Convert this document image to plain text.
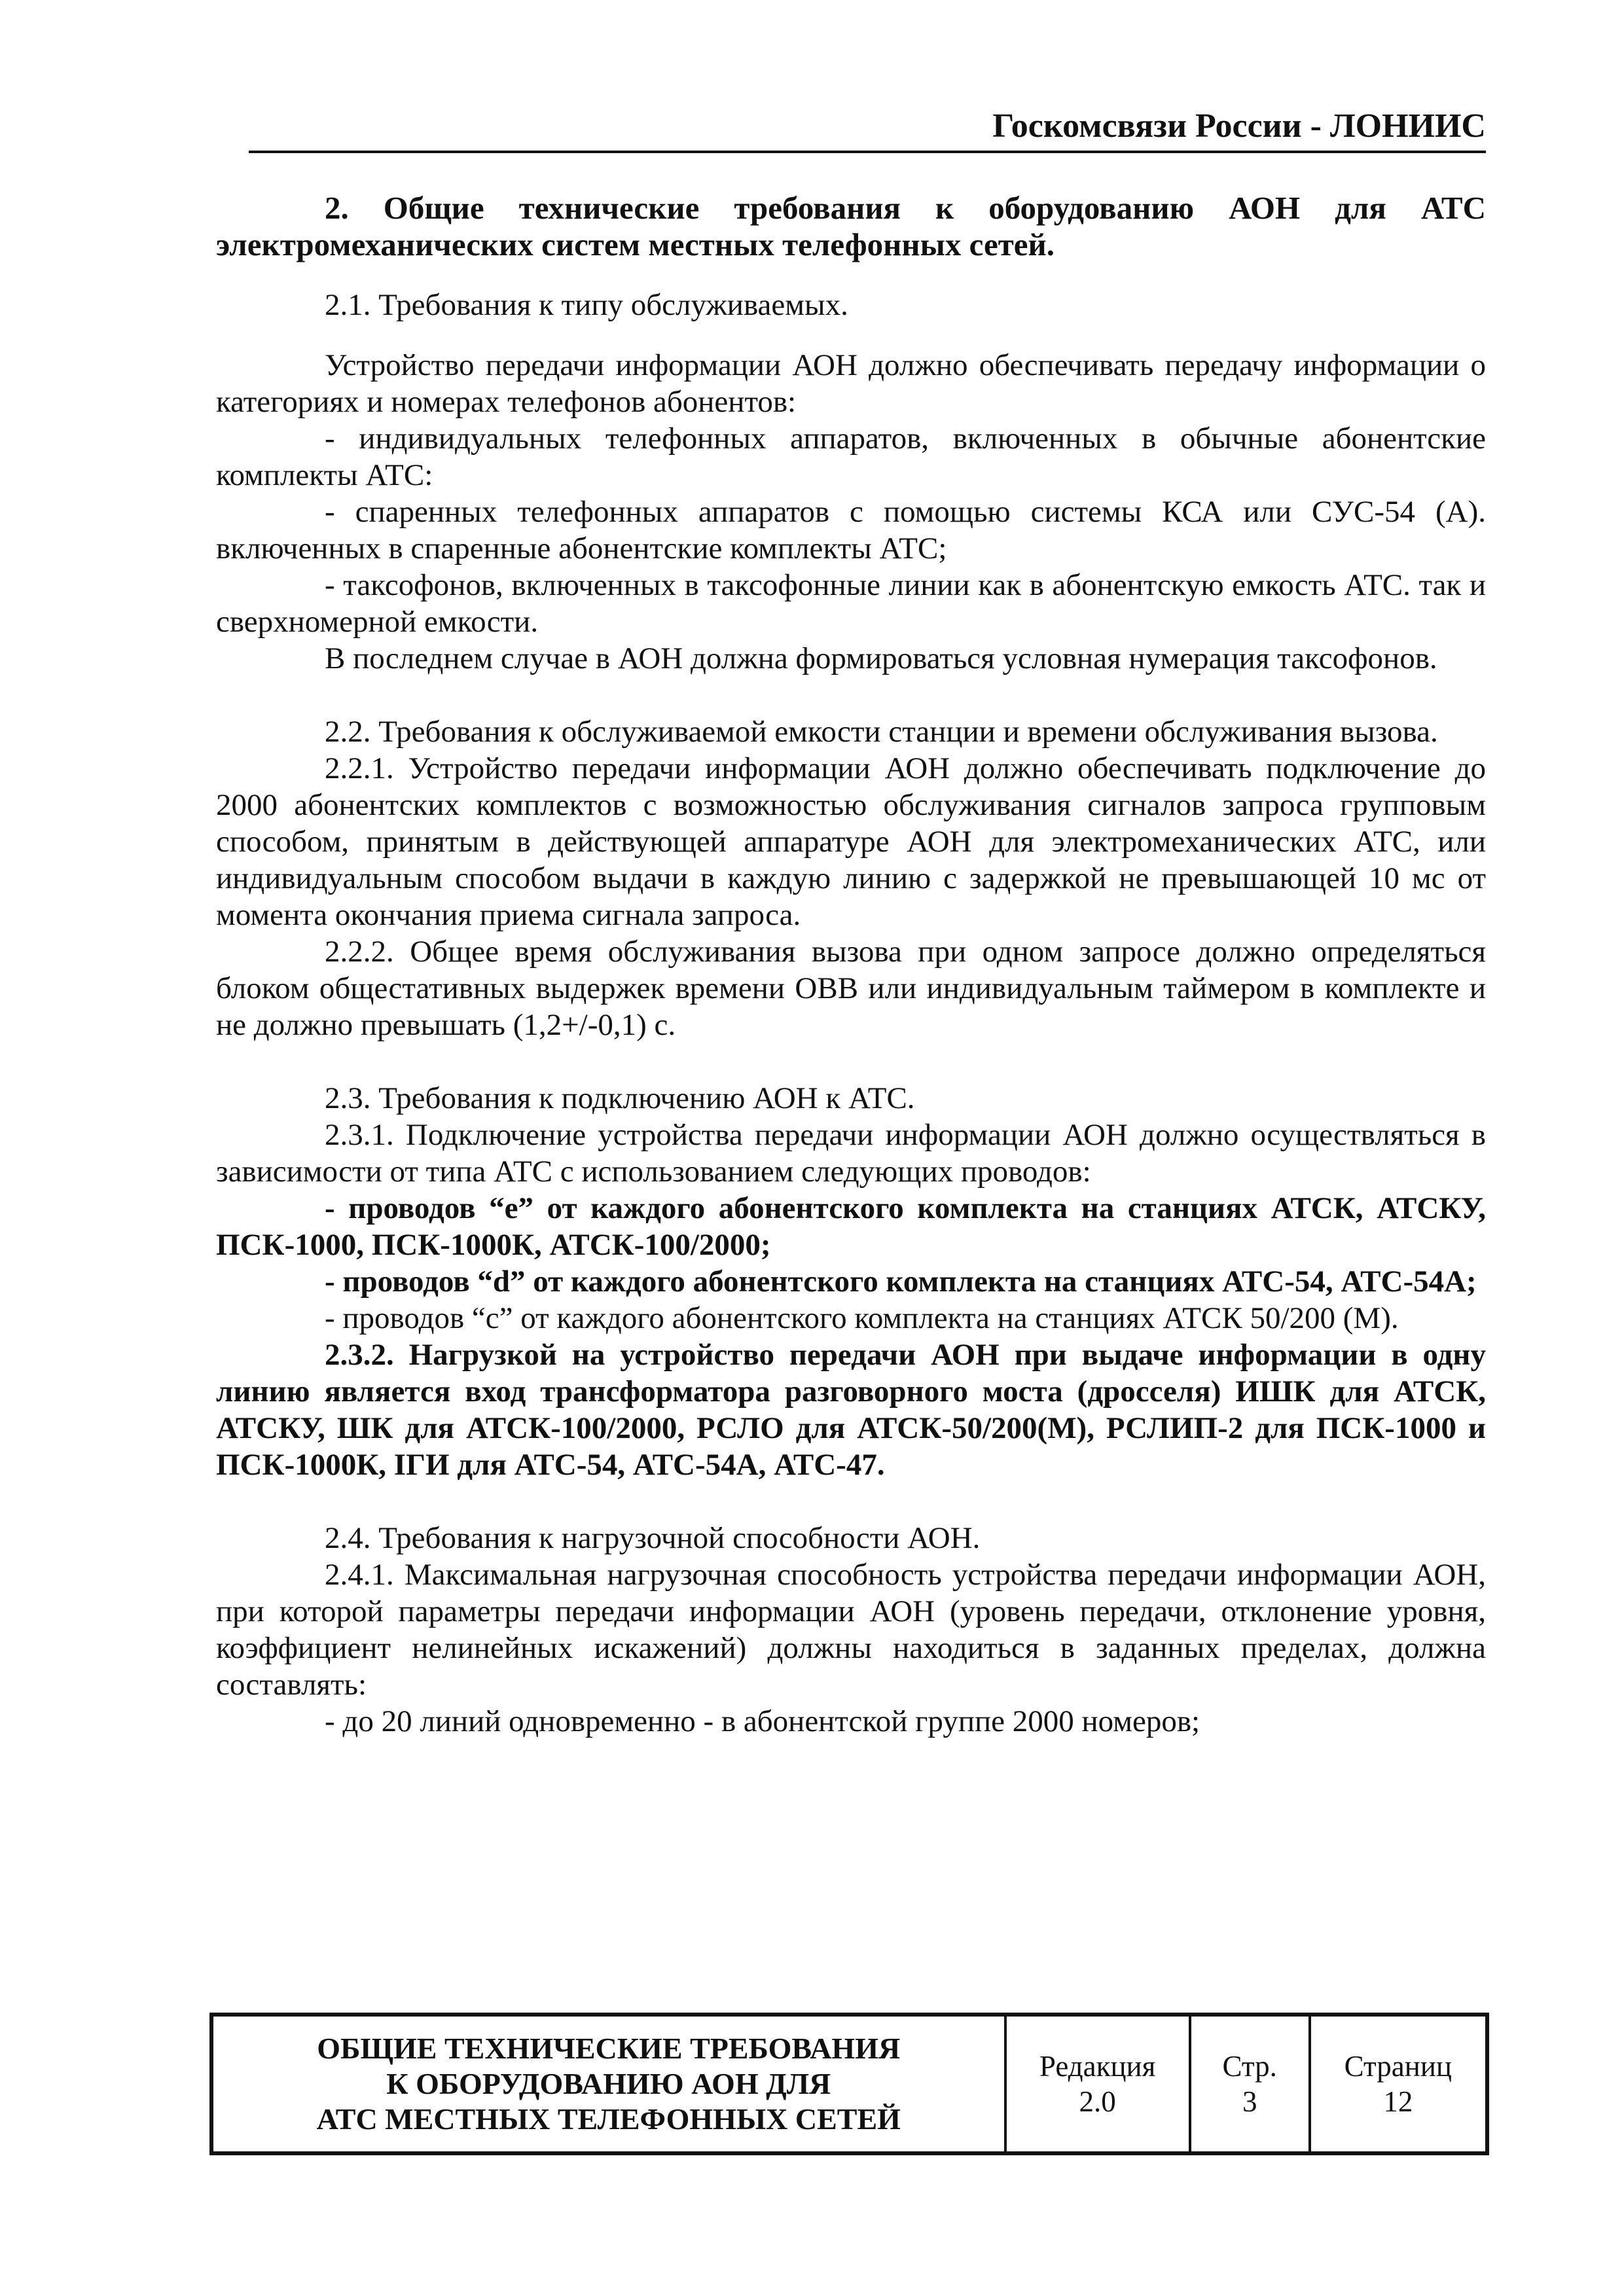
Госкомсвязи России - ЛОНИИС

2. Общие технические требования к оборудованию АОН для АТС электромеханических систем местных телефонных сетей.

2.1. Требования к типу обслуживаемых.

Устройство передачи информации АОН должно обеспечивать передачу информации о категориях и номерах телефонов абонентов:

- индивидуальных телефонных аппаратов, включенных в обычные абонентские комплекты АТС:

- спаренных телефонных аппаратов с помощью системы КСА или СУС-54 (А). включенных в спаренные абонентские комплекты АТС;

- таксофонов, включенных в таксофонные линии как в абонентскую емкость АТС. так и сверхномерной емкости.

В последнем случае в АОН должна формироваться условная нумерация таксофонов.

2.2. Требования к обслуживаемой емкости станции и времени обслуживания вызова.

2.2.1. Устройство передачи информации АОН должно обеспечивать подключение до 2000 абонентских комплектов с возможностью обслуживания сигналов запроса групповым способом, принятым в действующей аппаратуре АОН для электромеханических АТС, или индивидуальным способом выдачи в каждую линию с задержкой не превышающей 10 мс от момента окончания приема сигнала запроса.

2.2.2. Общее время обслуживания вызова при одном запросе должно определяться блоком общестативных выдержек времени ОВВ или индивидуальным таймером в комплекте и не должно превышать (1,2+/-0,1) с.

2.3. Требования к подключению АОН к АТС.

2.3.1. Подключение устройства передачи информации АОН должно осуществляться в зависимости от типа АТС с использованием следующих проводов:

- проводов “e” от каждого абонентского комплекта на станциях АТСК, АТСКУ, ПСК-1000, ПСК-1000К, АТСК-100/2000;

- проводов “d” от каждого абонентского комплекта на станциях АТС-54, АТС-54А;

- проводов “c” от каждого абонентского комплекта на станциях АТСК 50/200 (М).

2.3.2. Нагрузкой на устройство передачи АОН при выдаче информации в одну линию является вход трансформатора разговорного моста (дросселя) ИШК для АТСК, АТСКУ, ШК для АТСК-100/2000, РСЛО для АТСК-50/200(М), РСЛИП-2 для ПСК-1000 и ПСК-1000К, ІГИ для АТС-54, АТС-54А, АТС-47.

2.4. Требования к нагрузочной способности АОН.

2.4.1. Максимальная нагрузочная способность устройства передачи информации АОН, при которой параметры передачи информации АОН (уровень передачи, отклонение уровня, коэффициент нелинейных искажений) должны находиться в заданных пределах, должна составлять:

- до 20 линий одновременно - в абонентской группе 2000 номеров;

ОБЩИЕ ТЕХНИЧЕСКИЕ ТРЕБОВАНИЯ
К ОБОРУДОВАНИЮ АОН ДЛЯ
АТС МЕСТНЫХ ТЕЛЕФОННЫХ СЕТЕЙ
Редакция
2.0
Стр.
3
Страниц
12
